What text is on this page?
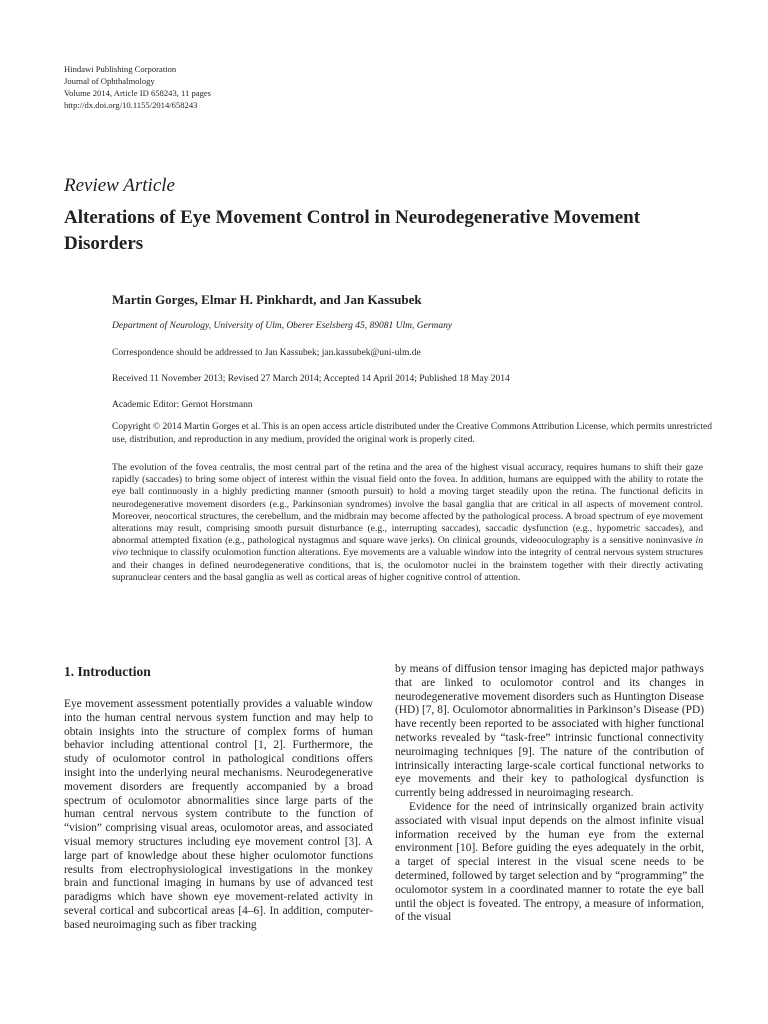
Hindawi Publishing Corporation
Journal of Ophthalmology
Volume 2014, Article ID 658243, 11 pages
http://dx.doi.org/10.1155/2014/658243
Review Article
Alterations of Eye Movement Control in Neurodegenerative Movement Disorders
Martin Gorges, Elmar H. Pinkhardt, and Jan Kassubek
Department of Neurology, University of Ulm, Oberer Eselsberg 45, 89081 Ulm, Germany
Correspondence should be addressed to Jan Kassubek; jan.kassubek@uni-ulm.de
Received 11 November 2013; Revised 27 March 2014; Accepted 14 April 2014; Published 18 May 2014
Academic Editor: Gernot Horstmann
Copyright © 2014 Martin Gorges et al. This is an open access article distributed under the Creative Commons Attribution License, which permits unrestricted use, distribution, and reproduction in any medium, provided the original work is properly cited.
The evolution of the fovea centralis, the most central part of the retina and the area of the highest visual accuracy, requires humans to shift their gaze rapidly (saccades) to bring some object of interest within the visual field onto the fovea. In addition, humans are equipped with the ability to rotate the eye ball continuously in a highly predicting manner (smooth pursuit) to hold a moving target steadily upon the retina. The functional deficits in neurodegenerative movement disorders (e.g., Parkinsonian syndromes) involve the basal ganglia that are critical in all aspects of movement control. Moreover, neocortical structures, the cerebellum, and the midbrain may become affected by the pathological process. A broad spectrum of eye movement alterations may result, comprising smooth pursuit disturbance (e.g., interrupting saccades), saccadic dysfunction (e.g., hypometric saccades), and abnormal attempted fixation (e.g., pathological nystagmus and square wave jerks). On clinical grounds, videooculography is a sensitive noninvasive in vivo technique to classify oculomotion function alterations. Eye movements are a valuable window into the integrity of central nervous system structures and their changes in defined neurodegenerative conditions, that is, the oculomotor nuclei in the brainstem together with their directly activating supranuclear centers and the basal ganglia as well as cortical areas of higher cognitive control of attention.
1. Introduction

Eye movement assessment potentially provides a valuable window into the human central nervous system function and may help to obtain insights into the structure of complex forms of human behavior including attentional control [1, 2]. Furthermore, the study of oculomotor control in pathological conditions offers insight into the underlying neural mechanisms. Neurodegenerative movement disorders are frequently accompanied by a broad spectrum of oculomotor abnormalities since large parts of the human central nervous system contribute to the function of “vision” comprising visual areas, oculomotor areas, and associated visual memory structures including eye movement control [3]. A large part of knowledge about these higher oculomotor functions results from electrophysiological investigations in the monkey brain and functional imaging in humans by use of advanced test paradigms which have shown eye movement-related activity in several cortical and subcortical areas [4–6]. In addition, computer-based neuroimaging such as fiber tracking

by means of diffusion tensor imaging has depicted major pathways that are linked to oculomotor control and its changes in neurodegenerative movement disorders such as Huntington Disease (HD) [7, 8]. Oculomotor abnormalities in Parkinson’s Disease (PD) have recently been reported to be associated with higher functional networks revealed by “task-free” intrinsic functional connectivity neuroimaging techniques [9]. The nature of the contribution of intrinsically interacting large-scale cortical functional networks to eye movements and their key to pathological dysfunction is currently being addressed in neuroimaging research.

Evidence for the need of intrinsically organized brain activity associated with visual input depends on the almost infinite visual information received by the human eye from the external environment [10]. Before guiding the eyes adequately in the orbit, a target of special interest in the visual scene needs to be determined, followed by target selection and by “programming” the oculomotor system in a coordinated manner to rotate the eye ball until the object is foveated. The entropy, a measure of information, of the visual
